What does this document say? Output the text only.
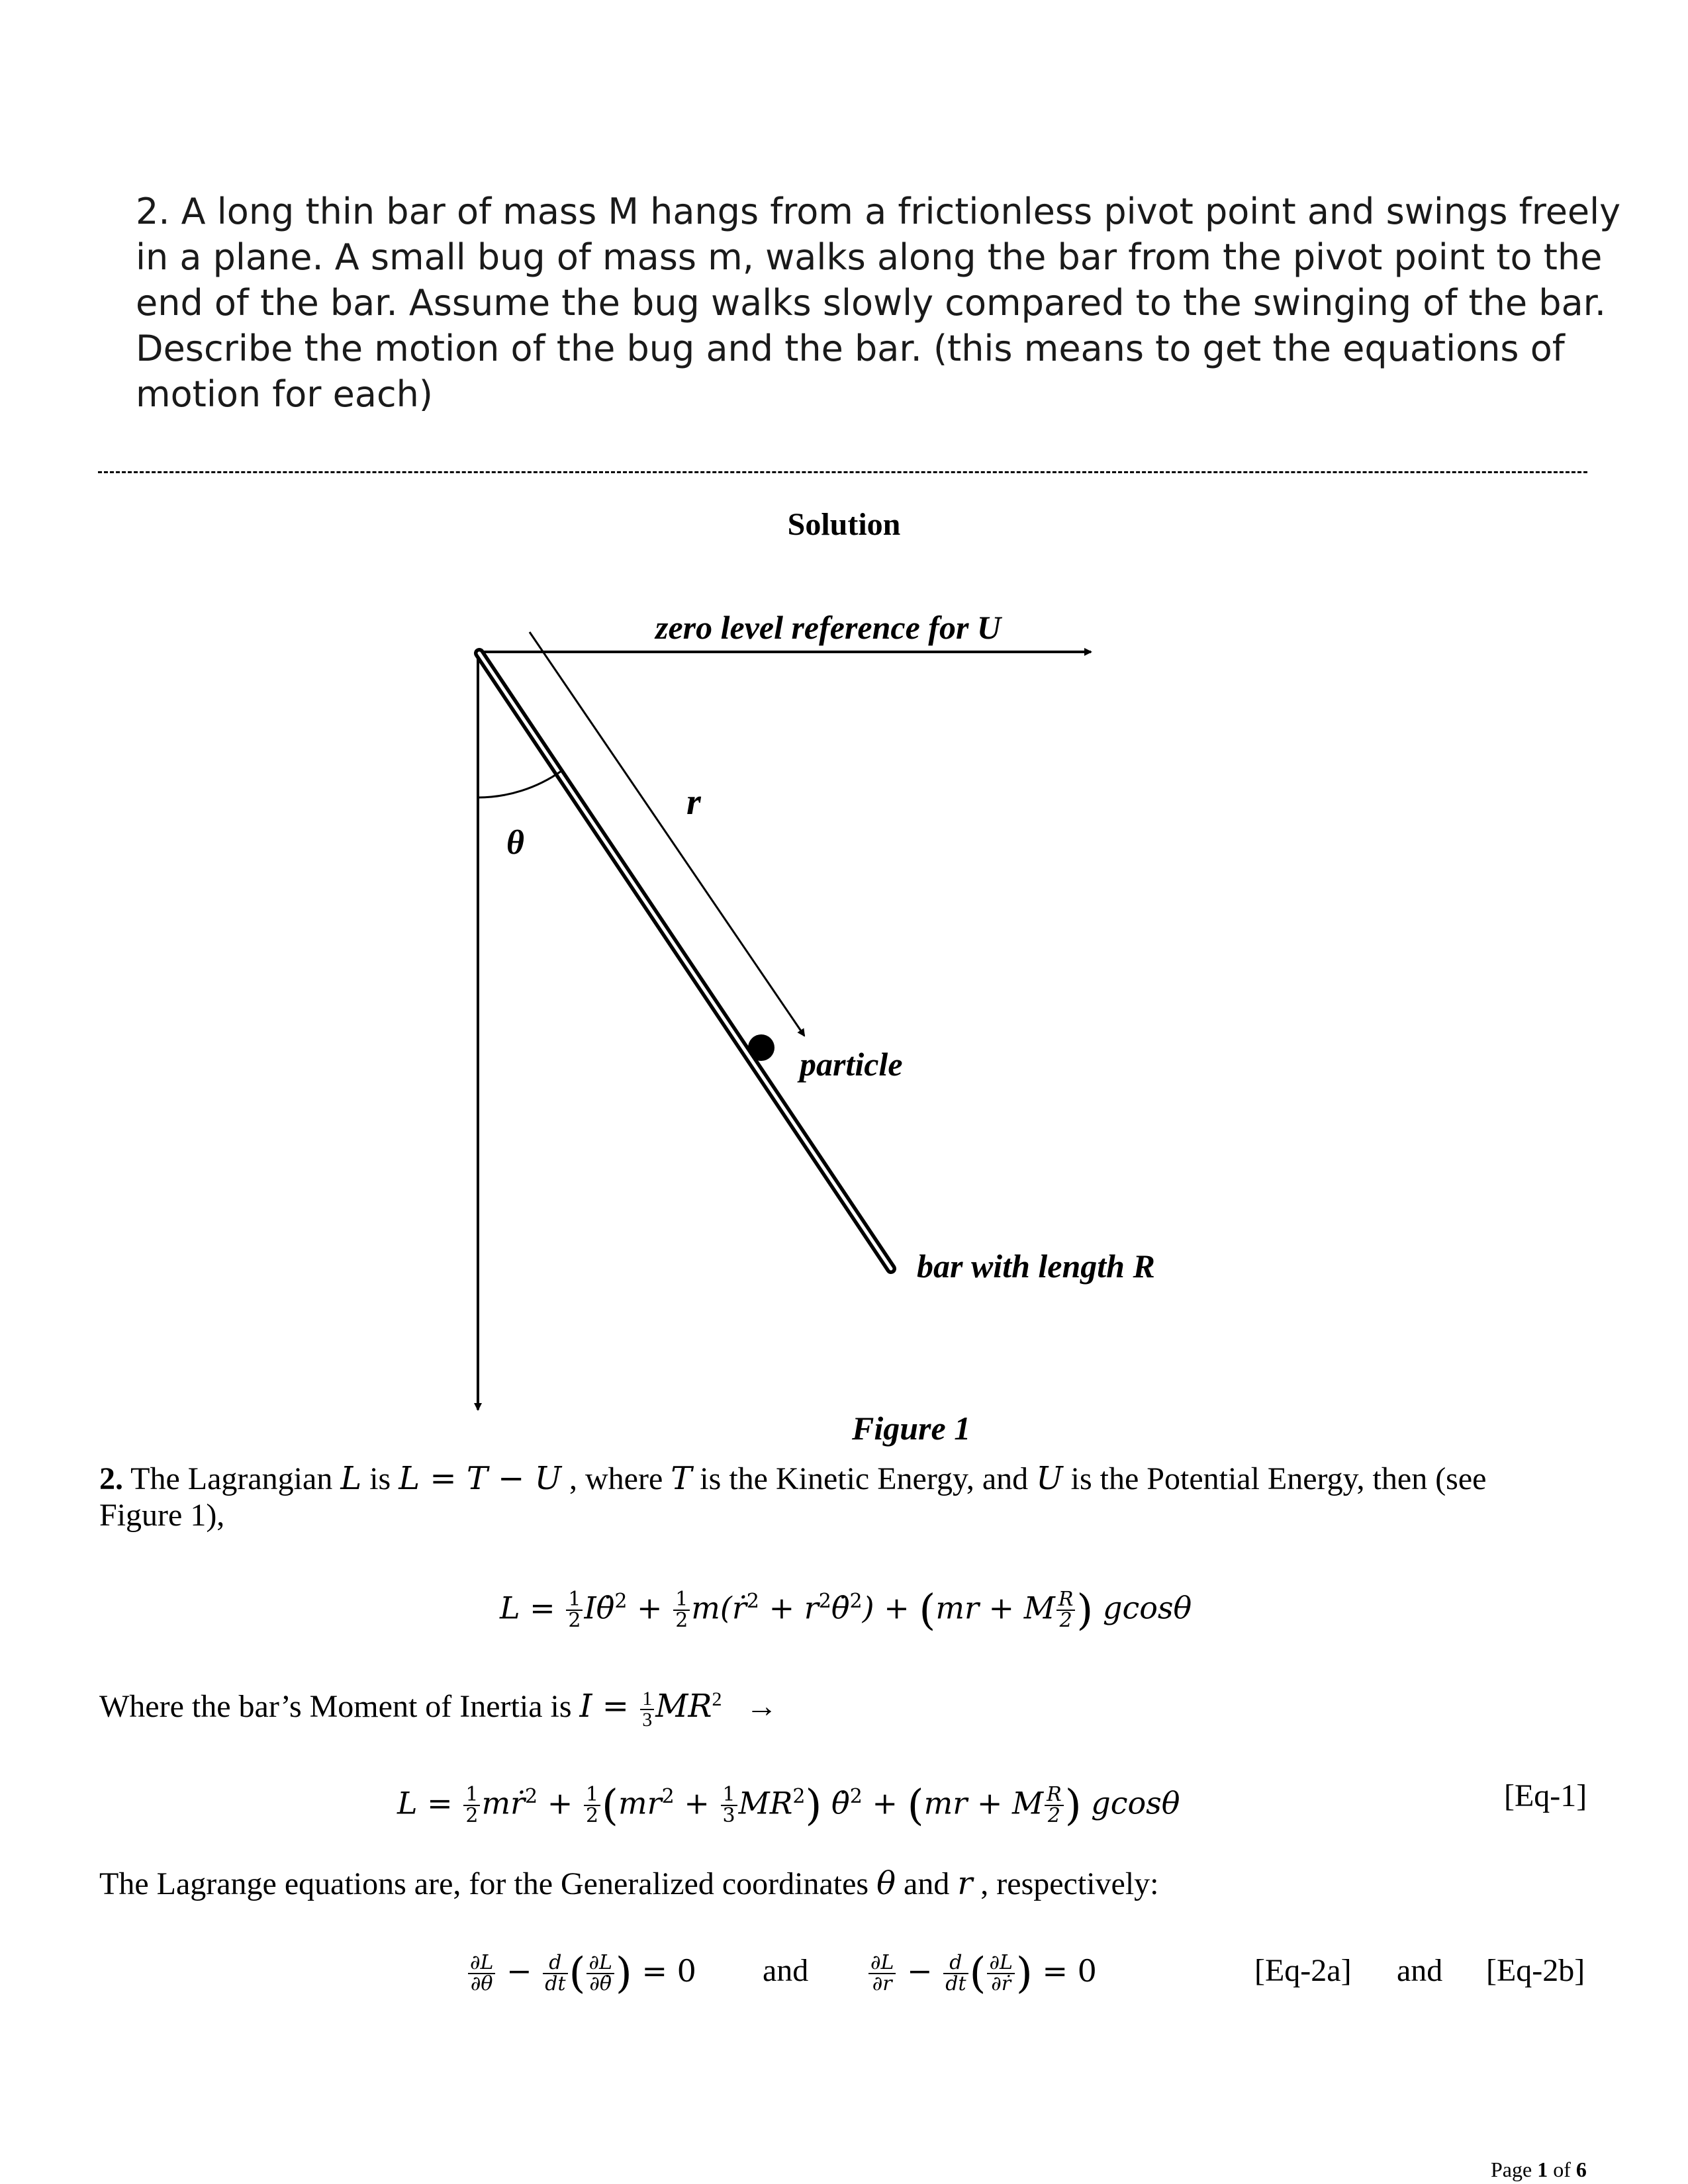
2. A long thin bar of mass M hangs from a frictionless pivot point and swings freely
in a plane. A small bug of mass m, walks along the bar from the pivot point to the
end of the bar. Assume the bug walks slowly compared to the swinging of the bar.
Describe the motion of the bug and the bar. (this means to get the equations of
motion for each)
Solution
zero level reference for U
r
θ
particle
bar with length R
Figure 1
2. The Lagrangian L is L = T − U , where T is the Kinetic Energy, and U is the Potential Energy, then (see
Figure 1),
$L = \frac{1}{2}$ Iθ̇$^2$ + $\frac{1}{2}$ m(ṙ$^2$ + $r^2\thetȧ^2) + (mr + M \frac{R}{2}$ ) gcosθ
Where the bar’s Moment of Inertia is $I = \frac{1}{3} MR^2$ →
$L = \frac{1}{2}$ mṙ$^2$ + $\frac{1}{2} (mr^2 + \frac{1}{3} MR^2)$ θ̇$^2$ + (mr + M $\frac{R}{2}$ ) gcosθ	[Eq-1]
The Lagrange equations are, for the Generalized coordinates θ and r , respectively:
$\frac{\partial L}{\partial\theta} - \frac{d}{dt}$ ( $\frac{\partial L}{\partial\thetȧ}$ ) = 0 and	$\frac{\partial L}{\partial r} - \frac{d}{dt}$ ( $\frac{\partial L}{\text{∂ṙ}}$ ) = 0	[Eq-2a] and [Eq-2b]
Page 1 of 6
